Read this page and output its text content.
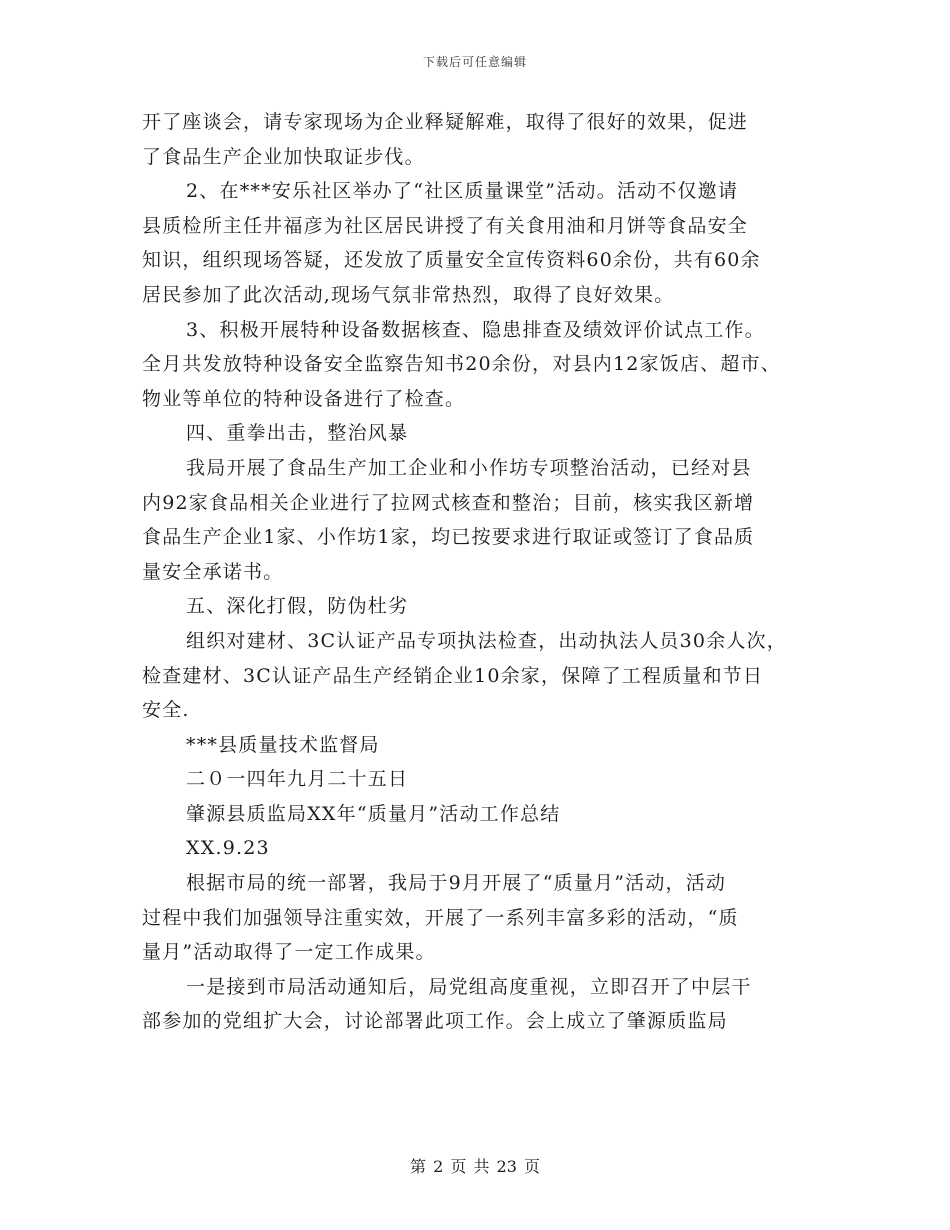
下载后可任意编辑
开了座谈会，请专家现场为企业释疑解难，取得了很好的效果，促进
了食品生产企业加快取证步伐。
2、在***安乐社区举办了“社区质量课堂”活动。活动不仅邀请
县质检所主任井福彦为社区居民讲授了有关食用油和月饼等食品安全
知识，组织现场答疑，还发放了质量安全宣传资料60余份，共有60余
居民参加了此次活动,现场气氛非常热烈，取得了良好效果。
3、积极开展特种设备数据核查、隐患排查及绩效评价试点工作。
全月共发放特种设备安全监察告知书20余份，对县内12家饭店、超市、
物业等单位的特种设备进行了检查。
四、重拳出击，整治风暴
我局开展了食品生产加工企业和小作坊专项整治活动，已经对县
内92家食品相关企业进行了拉网式核查和整治；目前，核实我区新增
食品生产企业1家、小作坊1家，均已按要求进行取证或签订了食品质
量安全承诺书。
五、深化打假，防伪杜劣
组织对建材、3C认证产品专项执法检查，出动执法人员30余人次，
检查建材、3C认证产品生产经销企业10余家，保障了工程质量和节日
安全.
***县质量技术监督局
二０一四年九月二十五日
肇源县质监局XX年“质量月”活动工作总结
XX.9.23
根据市局的统一部署，我局于9月开展了“质量月”活动，活动
过程中我们加强领导注重实效，开展了一系列丰富多彩的活动，“质
量月”活动取得了一定工作成果。
一是接到市局活动通知后，局党组高度重视，立即召开了中层干
部参加的党组扩大会，讨论部署此项工作。会上成立了肇源质监局
第 2 页 共 23 页
